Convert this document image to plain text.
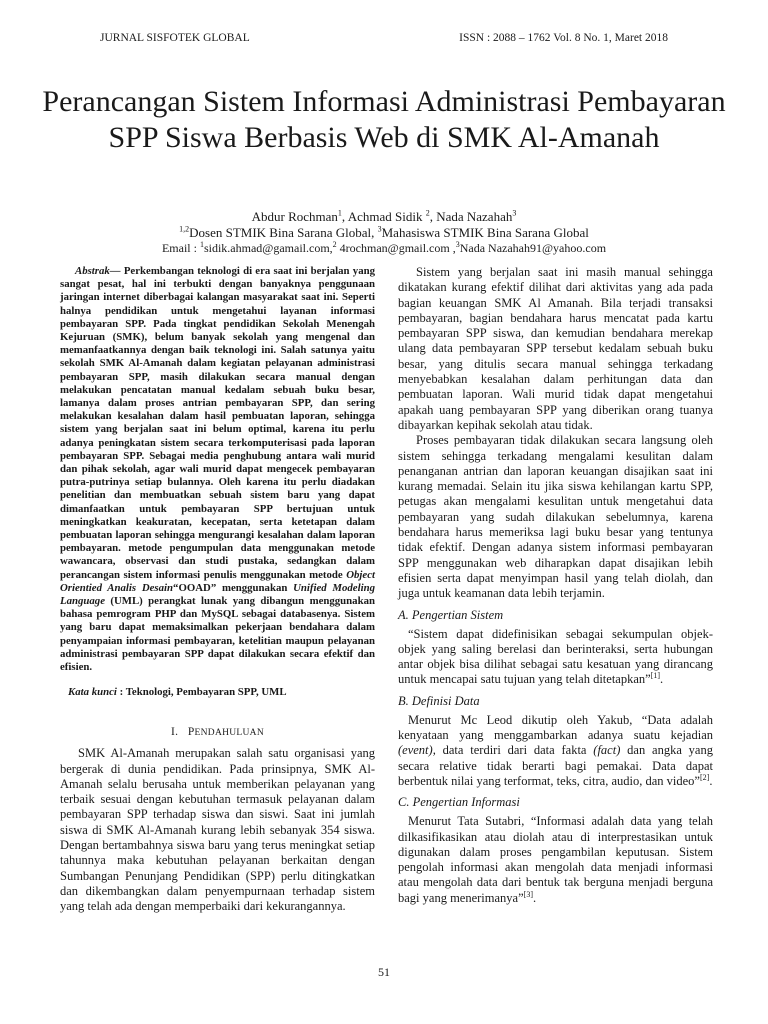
JURNAL SISFOTEK GLOBAL	ISSN : 2088 – 1762 Vol. 8 No. 1, Maret 2018
Perancangan Sistem Informasi Administrasi Pembayaran SPP Siswa Berbasis Web di SMK Al-Amanah
Abdur Rochman$^1$, Achmad Sidik $^2$, Nada Nazahah$^3$
$^{1,2}$Dosen STMIK Bina Sarana Global, $^3$Mahasiswa STMIK Bina Sarana Global
Email : $^1$sidik.ahmad@gamail.com,$^2$ 4rochman@gmail.com ,$^3$Nada Nazahah91@yahoo.com

Abstrak— Perkembangan teknologi di era saat ini berjalan yang sangat pesat, hal ini terbukti dengan banyaknya penggunaan jaringan internet diberbagai kalangan masyarakat saat ini. Seperti halnya pendidikan untuk mengetahui layanan informasi pembayaran SPP. Pada tingkat pendidikan Sekolah Menengah Kejuruan (SMK), belum banyak sekolah yang mengenal dan memanfaatkannya dengan baik teknologi ini. Salah satunya yaitu sekolah SMK Al-Amanah dalam kegiatan pelayanan administrasi pembayaran SPP, masih dilakukan secara manual dengan melakukan pencatatan manual kedalam sebuah buku besar, lamanya dalam proses antrian pembayaran SPP, dan sering melakukan kesalahan dalam hasil pembuatan laporan, sehingga sistem yang berjalan saat ini belum optimal, karena itu perlu adanya peningkatan sistem secara terkomputerisasi pada laporan pembayaran SPP. Sebagai media penghubung antara wali murid dan pihak sekolah, agar wali murid dapat mengecek pembayaran putra-putrinya setiap bulannya. Oleh karena itu perlu diadakan penelitian dan membuatkan sebuah sistem baru yang dapat dimanfaatkan untuk pembayaran SPP bertujuan untuk meningkatkan keakuratan, kecepatan, serta ketetapan dalam pembuatan laporan sehingga mengurangi kesalahan dalam laporan pembayaran. metode pengumpulan data menggunakan metode wawancara, observasi dan studi pustaka, sedangkan dalam perancangan sistem informasi penulis menggunakan metode Object Orientied Analis Desain“OOAD” menggunakan Unified Modeling Language (UML) perangkat lunak yang dibangun menggunakan bahasa pemrogram PHP dan MySQL sebagai databasenya. Sistem yang baru dapat memaksimalkan pekerjaan bendahara dalam penyampaian informasi pembayaran, ketelitian maupun pelayanan administrasi pembayaran SPP dapat dilakukan secara efektif dan efisien.

Kata kunci : Teknologi, Pembayaran SPP, UML

I. PENDAHULUAN

SMK Al-Amanah merupakan salah satu organisasi yang bergerak di dunia pendidikan. Pada prinsipnya, SMK Al-Amanah selalu berusaha untuk memberikan pelayanan yang terbaik sesuai dengan kebutuhan termasuk pelayanan dalam pembayaran SPP terhadap siswa dan siswi. Saat ini jumlah siswa di SMK Al-Amanah kurang lebih sebanyak 354 siswa. Dengan bertambahnya siswa baru yang terus meningkat setiap tahunnya maka kebutuhan pelayanan berkaitan dengan Sumbangan Penunjang Pendidikan (SPP) perlu ditingkatkan dan dikembangkan dalam penyempurnaan terhadap sistem yang telah ada dengan memperbaiki dari kekurangannya.

Sistem yang berjalan saat ini masih manual sehingga dikatakan kurang efektif dilihat dari aktivitas yang ada pada bagian keuangan SMK Al Amanah. Bila terjadi transaksi pembayaran, bagian bendahara harus mencatat pada kartu pembayaran SPP siswa, dan kemudian bendahara merekap ulang data pembayaran SPP tersebut kedalam sebuah buku besar, yang ditulis secara manual sehingga terkadang menyebabkan kesalahan dalam perhitungan data dan pembuatan laporan. Wali murid tidak dapat mengetahui apakah uang pembayaran SPP yang diberikan orang tuanya dibayarkan kepihak sekolah atau tidak.

Proses pembayaran tidak dilakukan secara langsung oleh sistem sehingga terkadang mengalami kesulitan dalam penanganan antrian dan laporan keuangan disajikan saat ini kurang memadai. Selain itu jika siswa kehilangan kartu SPP, petugas akan mengalami kesulitan untuk mengetahui data pembayaran yang sudah dilakukan sebelumnya, karena bendahara harus memeriksa lagi buku besar yang tentunya tidak efektif. Dengan adanya sistem informasi pembayaran SPP menggunakan web diharapkan dapat disajikan lebih efisien serta dapat menyimpan hasil yang telah diolah, dan juga untuk keamanan data lebih terjamin.

A. Pengertian Sistem

“Sistem dapat didefinisikan sebagai sekumpulan objek-objek yang saling berelasi dan berinteraksi, serta hubungan antar objek bisa dilihat sebagai satu kesatuan yang dirancang untuk mencapai satu tujuan yang telah ditetapkan”[1].

B. Definisi Data

Menurut Mc Leod dikutip oleh Yakub, “Data adalah kenyataan yang menggambarkan adanya suatu kejadian (event), data terdiri dari data fakta (fact) dan angka yang secara relative tidak berarti bagi pemakai. Data dapat berbentuk nilai yang terformat, teks, citra, audio, dan video”[2].

C. Pengertian Informasi

Menurut Tata Sutabri, “Informasi adalah data yang telah dilkasifikasikan atau diolah atau di interprestasikan untuk digunakan dalam proses pengambilan keputusan. Sistem pengolah informasi akan mengolah data menjadi informasi atau mengolah data dari bentuk tak berguna menjadi berguna bagi yang menerimanya”[3].

51
